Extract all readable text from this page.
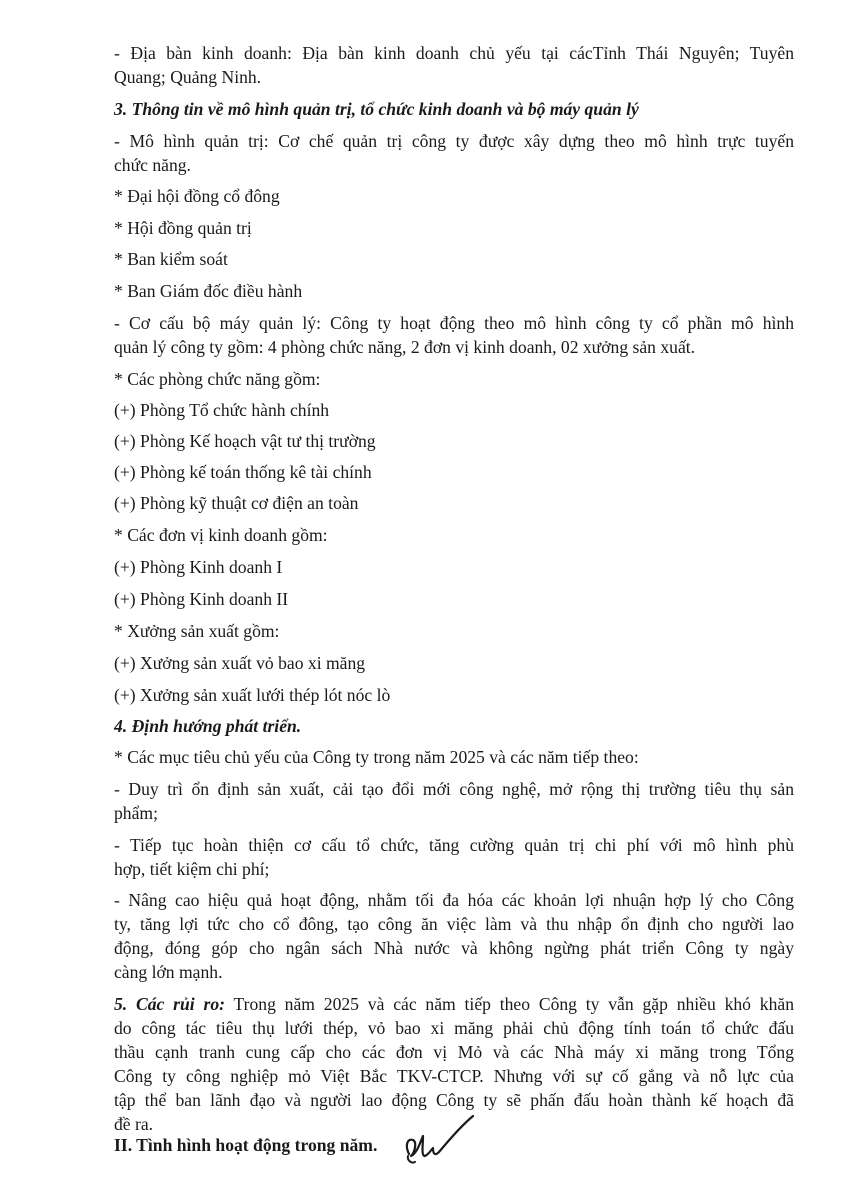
- Địa bàn kinh doanh: Địa bàn kinh doanh chủ yếu tại cácTỉnh Thái Nguyên; Tuyên

Quang; Quảng Ninh.

3. Thông tin về mô hình quản trị, tổ chức kinh doanh và bộ máy quản lý

- Mô hình quản trị: Cơ chế quản trị công ty được xây dựng theo mô hình trực tuyến

chức năng.

* Đại hội đồng cổ đông

* Hội đồng quản trị

* Ban kiểm soát

* Ban Giám đốc điều hành

- Cơ cấu bộ máy quản lý: Công ty hoạt động theo mô hình công ty cổ phần mô hình

quản lý công ty gồm: 4 phòng chức năng, 2 đơn vị kinh doanh, 02 xưởng sản xuất.

* Các phòng chức năng gồm:

(+) Phòng Tổ chức hành chính

(+) Phòng Kế hoạch vật tư thị trường

(+) Phòng kế toán thống kê tài chính

(+) Phòng kỹ thuật cơ điện an toàn

* Các đơn vị kinh doanh gồm:

(+) Phòng Kinh doanh I

(+) Phòng Kinh doanh II

* Xưởng sản xuất gồm:

(+) Xưởng sản xuất vỏ bao xi măng

(+) Xưởng sản xuất lưới thép lót nóc lò

4. Định hướng phát triển.

* Các mục tiêu chủ yếu của Công ty trong năm 2025 và các năm tiếp theo:

- Duy trì ổn định sản xuất, cải tạo đổi mới công nghệ, mở rộng thị trường tiêu thụ sản

phẩm;

- Tiếp tục hoàn thiện cơ cấu tổ chức, tăng cường quản trị chi phí với mô hình phù

hợp, tiết kiệm chi phí;

- Nâng cao hiệu quả hoạt động, nhằm tối đa hóa các khoản lợi nhuận hợp lý cho Công

ty, tăng lợi tức cho cổ đông, tạo công ăn việc làm và thu nhập ổn định cho người lao

động, đóng góp cho ngân sách Nhà nước và không ngừng phát triển Công ty ngày

càng lớn mạnh.

5. Các rủi ro: Trong năm 2025 và các năm tiếp theo Công ty vẫn gặp nhiều khó khăn

do công tác tiêu thụ lưới thép, vỏ bao xi măng phải chủ động tính toán tổ chức đấu

thầu cạnh tranh cung cấp cho các đơn vị Mỏ và các Nhà máy xi măng trong Tổng

Công ty công nghiệp mỏ Việt Bắc TKV-CTCP. Nhưng với sự cố gắng và nỗ lực của

tập thể ban lãnh đạo và người lao động Công ty sẽ phấn đấu hoàn thành kế hoạch đã

đề ra.

II. Tình hình hoạt động trong năm.
